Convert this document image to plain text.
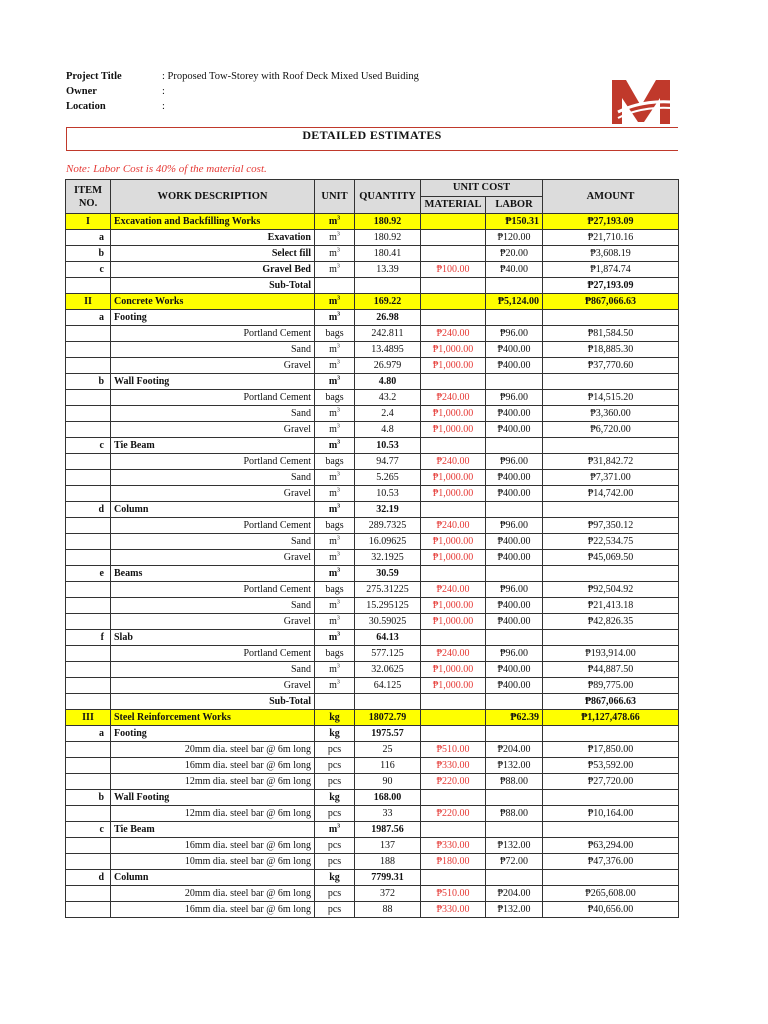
Project Title	: Proposed Tow-Storey with Roof Deck Mixed Used Buiding
Owner	:
Location	:
DETAILED ESTIMATES
Note: Labor Cost is 40% of the material cost.
ITEM NO.	WORK DESCRIPTION	UNIT	QUANTITY	UNIT COST		AMOUNT
				MATERIAL	LABOR	
I	Excavation and Backfilling Works	$m^3$	180.92		₱150.31	₱27,193.09
a	Exavation	$m^3$	180.92		₱120.00	₱21,710.16
b	Select fill	$m^3$	180.41		₱20.00	₱3,608.19
c	Gravel Bed	$m^3$	13.39	₱100.00	₱40.00	₱1,874.74
	Sub-Total					₱27,193.09
II	Concrete Works	$m^3$	169.22		₱5,124.00	₱867,066.63
a	Footing	$m^3$	26.98			
	Portland Cement	bags	242.811	₱240.00	₱96.00	₱81,584.50
	Sand	$m^3$	13.4895	₱1,000.00	₱400.00	₱18,885.30
	Gravel	$m^3$	26.979	₱1,000.00	₱400.00	₱37,770.60
b	Wall Footing	$m^3$	4.80			
	Portland Cement	bags	43.2	₱240.00	₱96.00	₱14,515.20
	Sand	$m^3$	2.4	₱1,000.00	₱400.00	₱3,360.00
	Gravel	$m^3$	4.8	₱1,000.00	₱400.00	₱6,720.00
c	Tie Beam	$m^3$	10.53			
	Portland Cement	bags	94.77	₱240.00	₱96.00	₱31,842.72
	Sand	$m^3$	5.265	₱1,000.00	₱400.00	₱7,371.00
	Gravel	$m^3$	10.53	₱1,000.00	₱400.00	₱14,742.00
d	Column	$m^3$	32.19			
	Portland Cement	bags	289.7325	₱240.00	₱96.00	₱97,350.12
	Sand	$m^3$	16.09625	₱1,000.00	₱400.00	₱22,534.75
	Gravel	$m^3$	32.1925	₱1,000.00	₱400.00	₱45,069.50
e	Beams	$m^3$	30.59			
	Portland Cement	bags	275.31225	₱240.00	₱96.00	₱92,504.92
	Sand	$m^3$	15.295125	₱1,000.00	₱400.00	₱21,413.18
	Gravel	$m^3$	30.59025	₱1,000.00	₱400.00	₱42,826.35
f	Slab	$m^3$	64.13			
	Portland Cement	bags	577.125	₱240.00	₱96.00	₱193,914.00
	Sand	$m^3$	32.0625	₱1,000.00	₱400.00	₱44,887.50
	Gravel	$m^3$	64.125	₱1,000.00	₱400.00	₱89,775.00
	Sub-Total					₱867,066.63
III	Steel Reinforcement Works	kg	18072.79		₱62.39	₱1,127,478.66
a	Footing	kg	1975.57			
	20mm dia. steel bar @ 6m long	pcs	25	₱510.00	₱204.00	₱17,850.00
	16mm dia. steel bar @ 6m long	pcs	116	₱330.00	₱132.00	₱53,592.00
	12mm dia. steel bar @ 6m long	pcs	90	₱220.00	₱88.00	₱27,720.00
b	Wall Footing	kg	168.00			
	12mm dia. steel bar @ 6m long	pcs	33	₱220.00	₱88.00	₱10,164.00
c	Tie Beam	$m^3$	1987.56			
	16mm dia. steel bar @ 6m long	pcs	137	₱330.00	₱132.00	₱63,294.00
	10mm dia. steel bar @ 6m long	pcs	188	₱180.00	₱72.00	₱47,376.00
d	Column	kg	7799.31			
	20mm dia. steel bar @ 6m long	pcs	372	₱510.00	₱204.00	₱265,608.00
	16mm dia. steel bar @ 6m long	pcs	88	₱330.00	₱132.00	₱40,656.00
